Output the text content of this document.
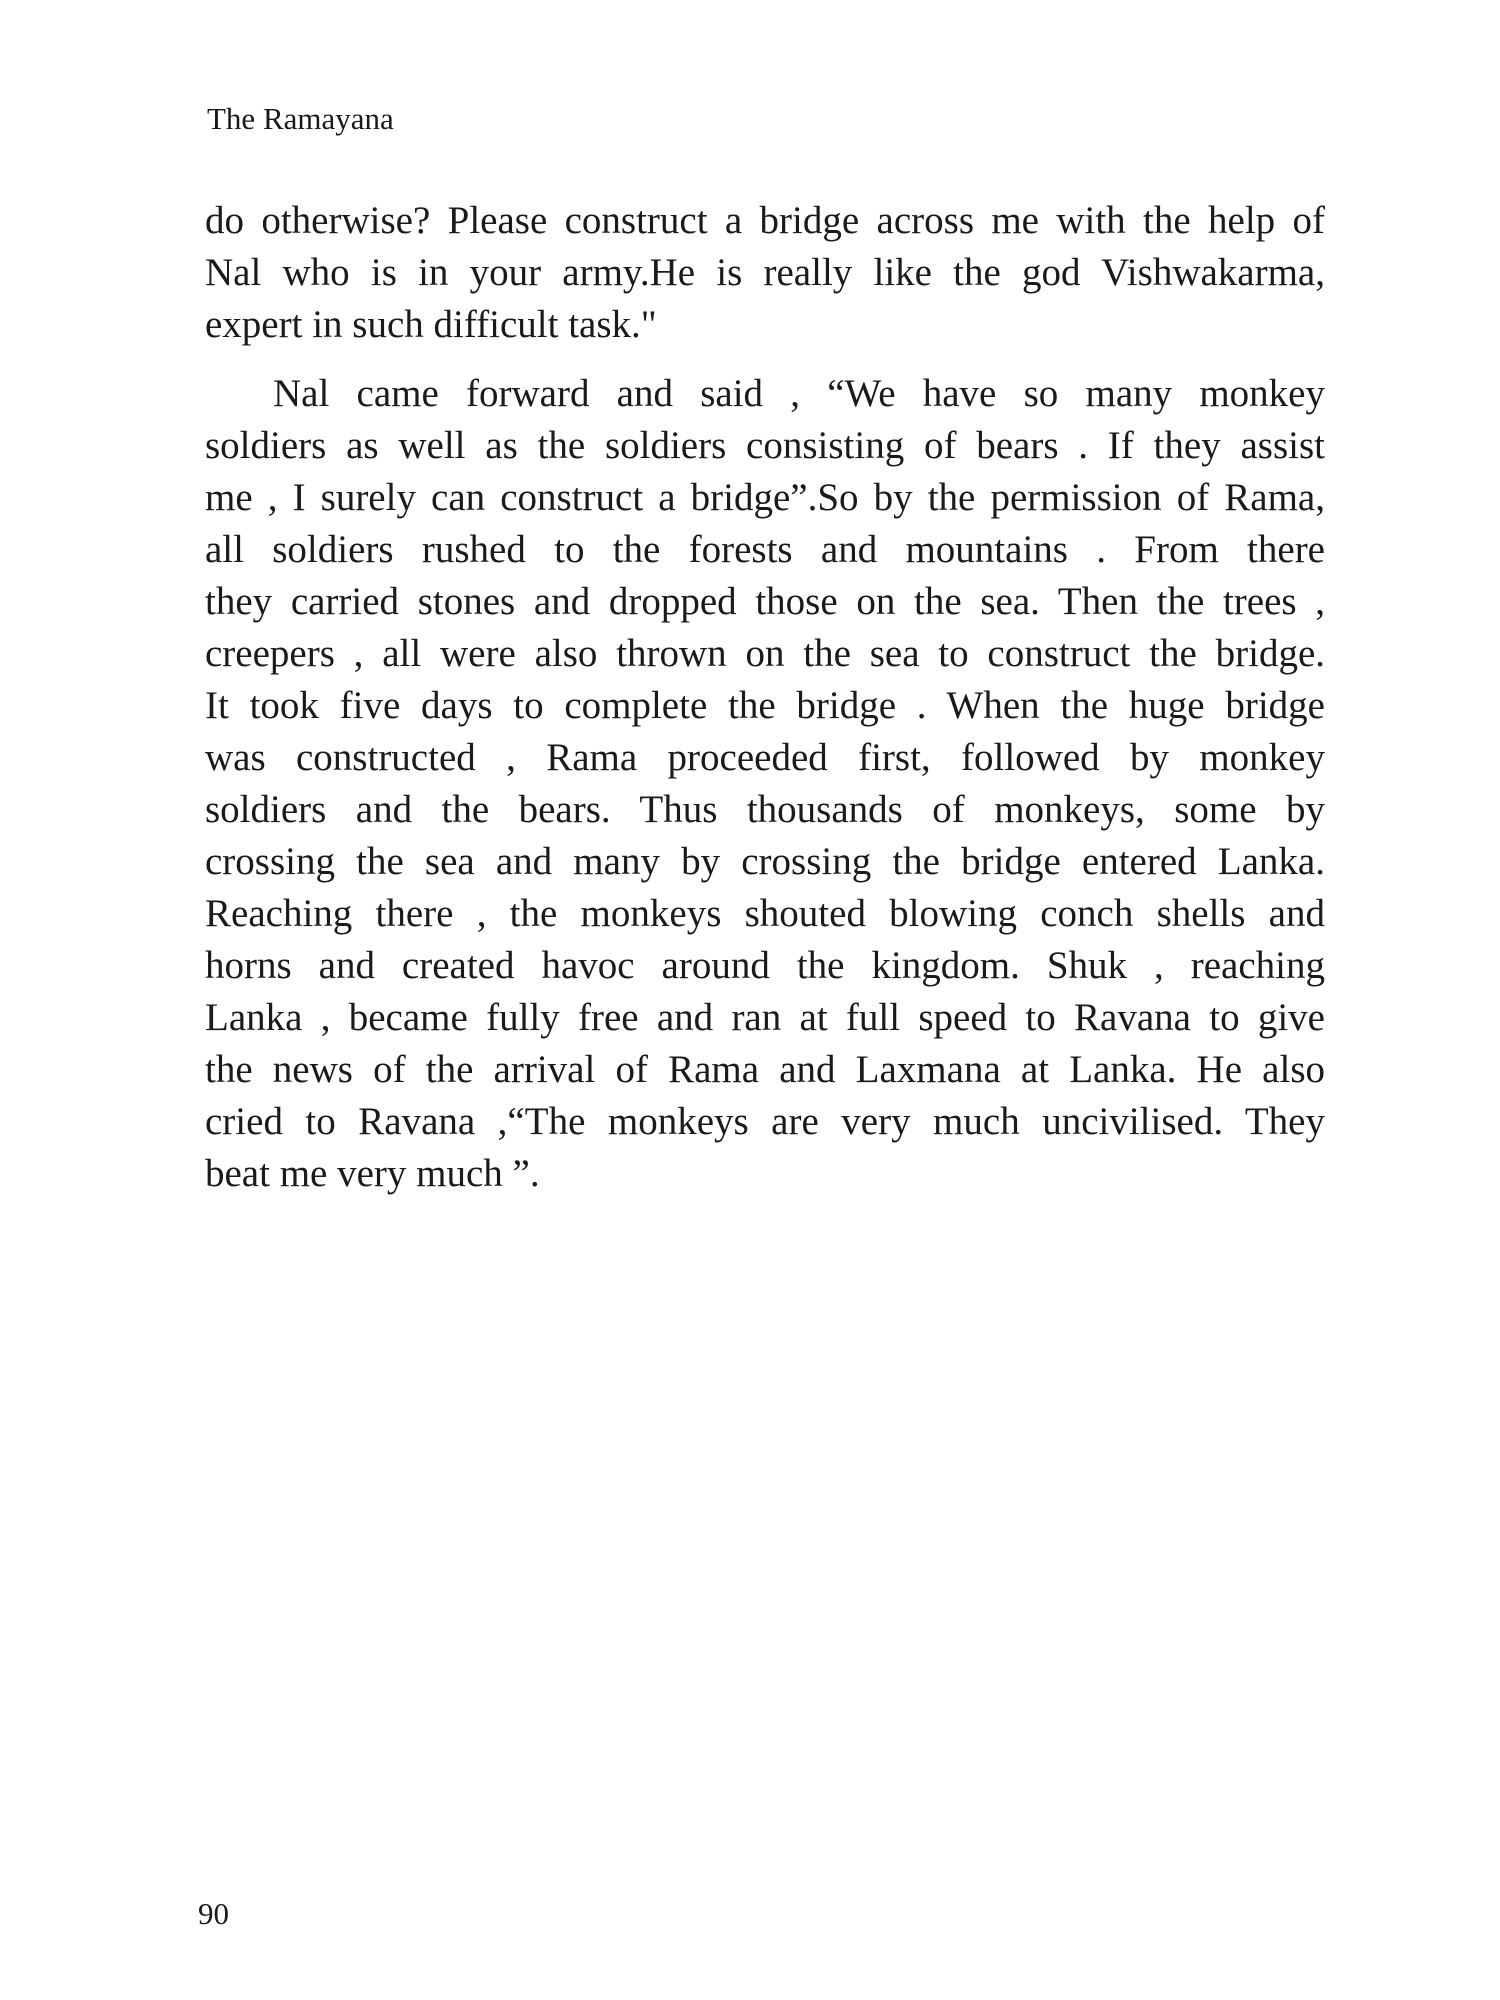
The Ramayana
do otherwise? Please construct a bridge across me with the help of
Nal who is in your army.He is really like the god Vishwakarma,
expert in such difficult task."
Nal came forward and said , “We have so many monkey
soldiers as well as the soldiers consisting of bears . If they assist
me , I surely can construct a bridge”.So by the permission of Rama,
all soldiers rushed to the forests and mountains . From there
they carried stones and dropped those on the sea. Then the trees ,
creepers , all were also thrown on the sea to construct the bridge.
It took five days to complete the bridge . When the huge bridge
was constructed , Rama proceeded first, followed by monkey
soldiers and the bears. Thus thousands of monkeys, some by
crossing the sea and many by crossing the bridge entered Lanka.
Reaching there , the monkeys shouted blowing conch shells and
horns and created havoc around the kingdom. Shuk , reaching
Lanka , became fully free and ran at full speed to Ravana to give
the news of the arrival of Rama and Laxmana at Lanka. He also
cried to Ravana ,“The monkeys are very much uncivilised. They
beat me very much ”.
90
